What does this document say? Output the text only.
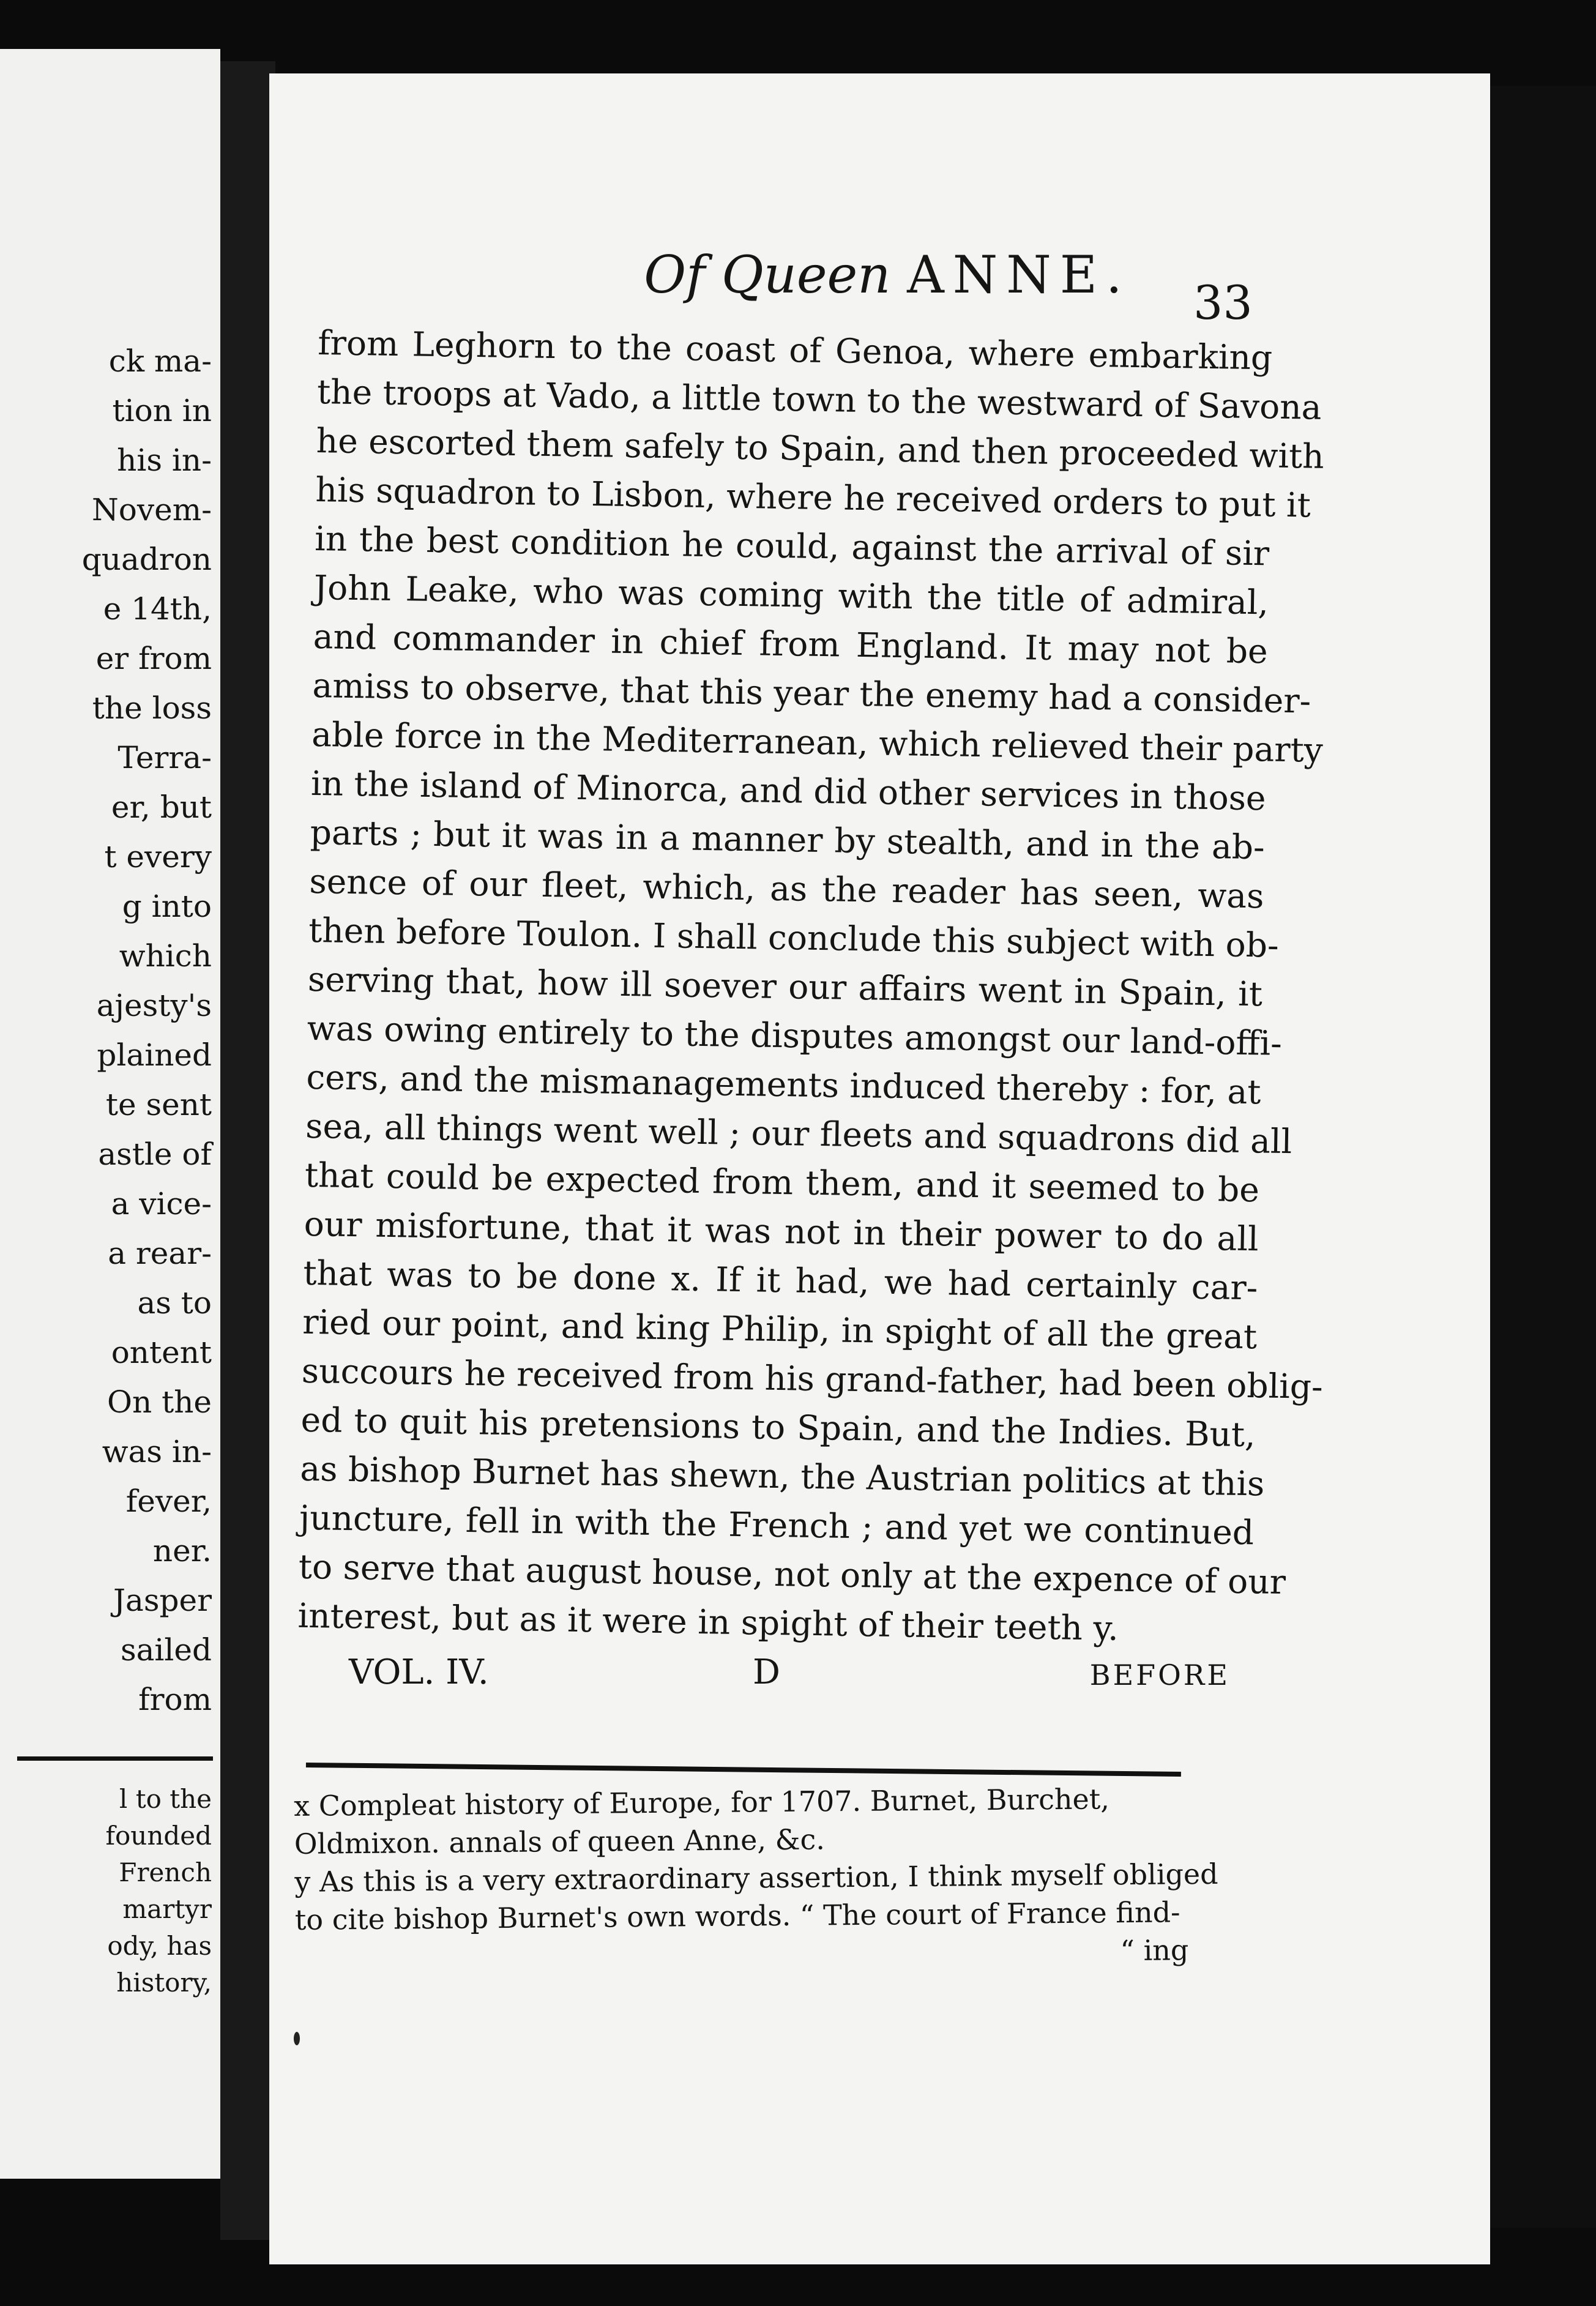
ck ma-
tion in
his in-
Novem-
quadron
e 14th,
er from
the loss
Terra-
er, but
t every
g into
which
ajesty's
plained
te sent
astle of
a vice-
a rear-
as to
ontent
On the
was in-
fever,
ner.
Jasper
sailed
from
l to the
founded
French
martyr
ody, has
history,
Of Queen ANNE.	33
from Leghorn to the coast of Genoa, where embarking
the troops at Vado, a little town to the westward of Savona
he escorted them safely to Spain, and then proceeded with
his squadron to Lisbon, where he received orders to put it
in the best condition he could, against the arrival of sir
John Leake, who was coming with the title of admiral,
and commander in chief from England. It may not be
amiss to observe, that this year the enemy had a consider-
able force in the Mediterranean, which relieved their party
in the island of Minorca, and did other services in those
parts ; but it was in a manner by stealth, and in the ab-
sence of our fleet, which, as the reader has seen, was
then before Toulon. I shall conclude this subject with ob-
serving that, how ill soever our affairs went in Spain, it
was owing entirely to the disputes amongst our land-offi-
cers, and the mismanagements induced thereby : for, at
sea, all things went well ; our fleets and squadrons did all
that could be expected from them, and it seemed to be
our misfortune, that it was not in their power to do all
that was to be done x. If it had, we had certainly car-
ried our point, and king Philip, in spight of all the great
succours he received from his grand-father, had been oblig-
ed to quit his pretensions to Spain, and the Indies. But,
as bishop Burnet has shewn, the Austrian politics at this
juncture, fell in with the French ; and yet we continued
to serve that august house, not only at the expence of our
interest, but as it were in spight of their teeth y.
VOL. IV.	D	BEFORE
x Compleat history of Europe, for 1707. Burnet, Burchet,
Oldmixon. annals of queen Anne, &c.
y As this is a very extraordinary assertion, I think myself obliged
to cite bishop Burnet's own words. “ The court of France find-
“ ing
